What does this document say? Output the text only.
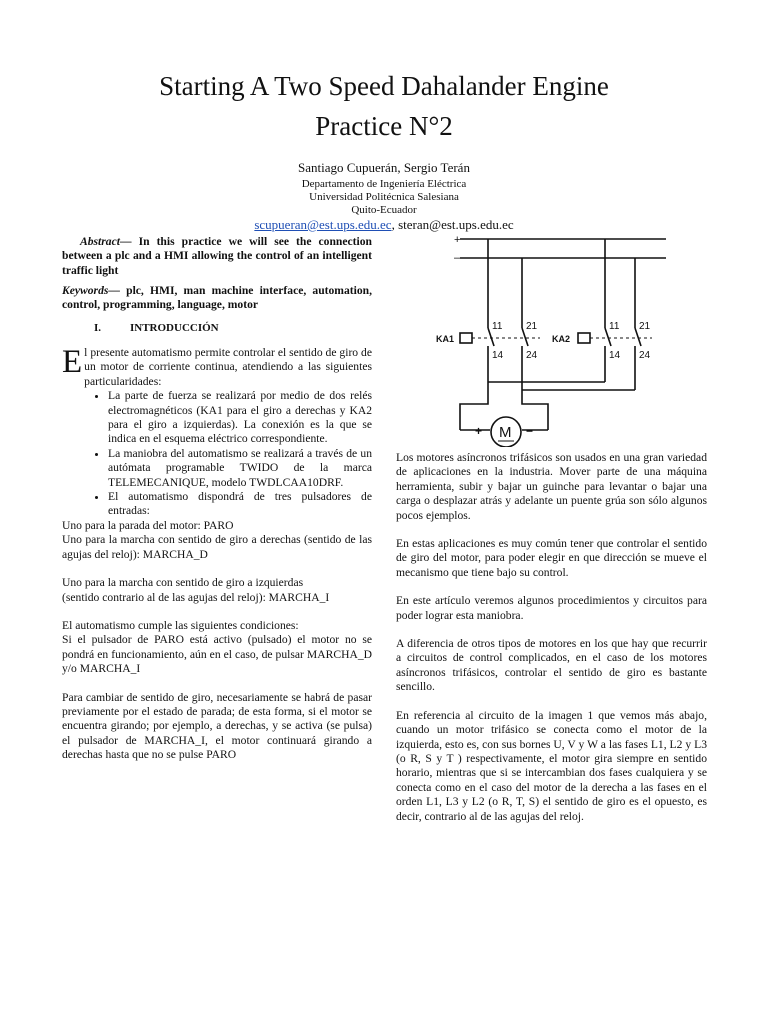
Starting A Two Speed Dahalander Engine
Practice N°2
Santiago Cupuerán, Sergio Terán
Departamento de Ingeniería Eléctrica
Universidad Politécnica Salesiana
Quito-Ecuador
scupueran@est.ups.edu.ec, steran@est.ups.edu.ec

Abstract— In this practice we will see the connection between a plc and a HMI allowing the control of an intelligent traffic light

Keywords— plc, HMI, man machine interface, automation, control, programming, language, motor

I.	INTRODUCCIÓN

El presente automatismo permite controlar el sentido de giro de un motor de corriente continua, atendiendo a las siguientes particularidades:

• La parte de fuerza se realizará por medio de dos relés electromagnéticos (KA1 para el giro a derechas y KA2 para el giro a izquierdas). La conexión es la que se indica en el esquema eléctrico correspondiente.
• La maniobra del automatismo se realizará a través de un autómata programable TWIDO de la marca TELEMECANIQUE, modelo TWDLCAA10DRF.
• El automatismo dispondrá de tres pulsadores de entradas:

Uno para la parada del motor: PARO

Uno para la marcha con sentido de giro a derechas (sentido de las agujas del reloj): MARCHA_D

Uno para la marcha con sentido de giro a izquierdas

(sentido contrario al de las agujas del reloj): MARCHA_I

El automatismo cumple las siguientes condiciones:

Si el pulsador de PARO está activo (pulsado) el motor no se pondrá en funcionamiento, aún en el caso, de pulsar MARCHA_D y/o MARCHA_I

Para cambiar de sentido de giro, necesariamente se habrá de pasar previamente por el estado de parada; de esta forma, si el motor se encuentra girando; por ejemplo, a derechas, y se activa (se pulsa) el pulsador de MARCHA_I, el motor continuará girando a derechas hasta que no se pulse PARO

+
–
KA1
11 21
14 24
KA2
11 21
14 24
M
+	−

Los motores asíncronos trifásicos son usados en una gran variedad de aplicaciones en la industria. Mover parte de una máquina herramienta, subir y bajar un guinche para levantar o bajar una carga o desplazar atrás y adelante un puente grúa son sólo algunos pocos ejemplos.

En estas aplicaciones es muy común tener que controlar el sentido de giro del motor, para poder elegir en que dirección se mueve el mecanismo que tiene bajo su control.

En este artículo veremos algunos procedimientos y circuitos para poder lograr esta maniobra.

A diferencia de otros tipos de motores en los que hay que recurrir a circuitos de control complicados, en el caso de los motores asíncronos trifásicos, controlar el sentido de giro es bastante sencillo.

En referencia al circuito de la imagen 1 que vemos más abajo, cuando un motor trifásico se conecta como el motor de la izquierda, esto es, con sus bornes U, V y W a las fases L1, L2 y L3 (o R, S y T ) respectivamente, el motor gira siempre en sentido horario, mientras que si se intercambian dos fases cualquiera y se conecta como en el caso del motor de la derecha a las fases en el orden L1, L3 y L2 (o R, T, S) el sentido de giro es el opuesto, es decir, contrario al de las agujas del reloj.
